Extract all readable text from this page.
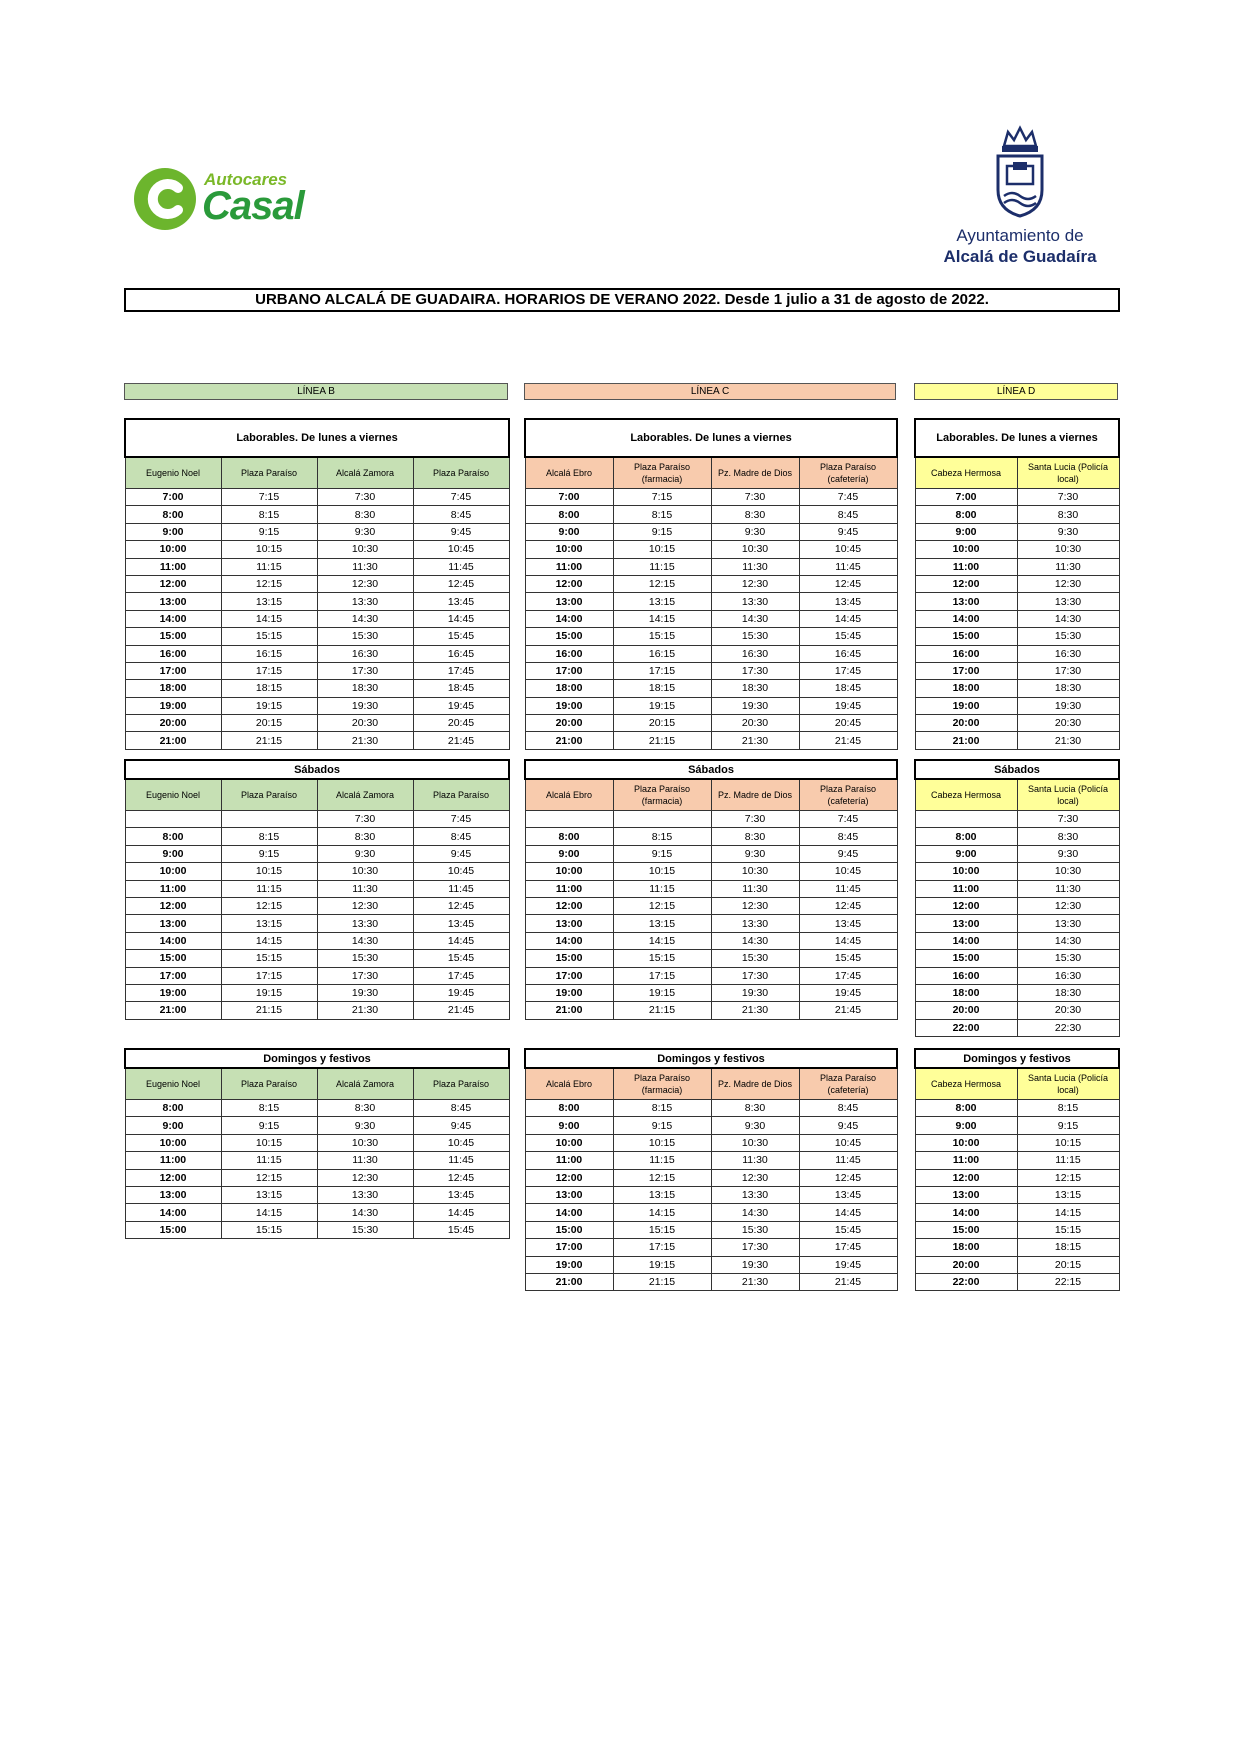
Autocares
Casal
Ayuntamiento de
Alcalá de Guadaíra
URBANO ALCALÁ DE GUADAIRA. HORARIOS DE VERANO 2022. Desde 1 julio a 31 de agosto de 2022.
LÍNEA B
Laborables. De lunes a viernes			
Eugenio Noel	Plaza Paraíso	Alcalá Zamora	Plaza Paraíso
7:00	7:15	7:30	7:45
8:00	8:15	8:30	8:45
9:00	9:15	9:30	9:45
10:00	10:15	10:30	10:45
11:00	11:15	11:30	11:45
12:00	12:15	12:30	12:45
13:00	13:15	13:30	13:45
14:00	14:15	14:30	14:45
15:00	15:15	15:30	15:45
16:00	16:15	16:30	16:45
17:00	17:15	17:30	17:45
18:00	18:15	18:30	18:45
19:00	19:15	19:30	19:45
20:00	20:15	20:30	20:45
21:00	21:15	21:30	21:45
Sábados			
Eugenio Noel	Plaza Paraíso	Alcalá Zamora	Plaza Paraíso
		7:30	7:45
8:00	8:15	8:30	8:45
9:00	9:15	9:30	9:45
10:00	10:15	10:30	10:45
11:00	11:15	11:30	11:45
12:00	12:15	12:30	12:45
13:00	13:15	13:30	13:45
14:00	14:15	14:30	14:45
15:00	15:15	15:30	15:45
17:00	17:15	17:30	17:45
19:00	19:15	19:30	19:45
21:00	21:15	21:30	21:45
Domingos y festivos			
Eugenio Noel	Plaza Paraíso	Alcalá Zamora	Plaza Paraíso
8:00	8:15	8:30	8:45
9:00	9:15	9:30	9:45
10:00	10:15	10:30	10:45
11:00	11:15	11:30	11:45
12:00	12:15	12:30	12:45
13:00	13:15	13:30	13:45
14:00	14:15	14:30	14:45
15:00	15:15	15:30	15:45
LÍNEA C
Laborables. De lunes a viernes			
Alcalá Ebro	Plaza Paraíso (farmacia)	Pz. Madre de Dios	Plaza Paraíso (cafetería)
7:00	7:15	7:30	7:45
8:00	8:15	8:30	8:45
9:00	9:15	9:30	9:45
10:00	10:15	10:30	10:45
11:00	11:15	11:30	11:45
12:00	12:15	12:30	12:45
13:00	13:15	13:30	13:45
14:00	14:15	14:30	14:45
15:00	15:15	15:30	15:45
16:00	16:15	16:30	16:45
17:00	17:15	17:30	17:45
18:00	18:15	18:30	18:45
19:00	19:15	19:30	19:45
20:00	20:15	20:30	20:45
21:00	21:15	21:30	21:45
Sábados			
Alcalá Ebro	Plaza Paraíso (farmacia)	Pz. Madre de Dios	Plaza Paraíso (cafetería)
		7:30	7:45
8:00	8:15	8:30	8:45
9:00	9:15	9:30	9:45
10:00	10:15	10:30	10:45
11:00	11:15	11:30	11:45
12:00	12:15	12:30	12:45
13:00	13:15	13:30	13:45
14:00	14:15	14:30	14:45
15:00	15:15	15:30	15:45
17:00	17:15	17:30	17:45
19:00	19:15	19:30	19:45
21:00	21:15	21:30	21:45
Domingos y festivos			
Alcalá Ebro	Plaza Paraíso (farmacia)	Pz. Madre de Dios	Plaza Paraíso (cafetería)
8:00	8:15	8:30	8:45
9:00	9:15	9:30	9:45
10:00	10:15	10:30	10:45
11:00	11:15	11:30	11:45
12:00	12:15	12:30	12:45
13:00	13:15	13:30	13:45
14:00	14:15	14:30	14:45
15:00	15:15	15:30	15:45
17:00	17:15	17:30	17:45
19:00	19:15	19:30	19:45
21:00	21:15	21:30	21:45
LÍNEA D
Laborables. De lunes a viernes	
Cabeza Hermosa	Santa Lucia (Policía local)
7:00	7:30
8:00	8:30
9:00	9:30
10:00	10:30
11:00	11:30
12:00	12:30
13:00	13:30
14:00	14:30
15:00	15:30
16:00	16:30
17:00	17:30
18:00	18:30
19:00	19:30
20:00	20:30
21:00	21:30
Sábados	
Cabeza Hermosa	Santa Lucia (Policía local)
	7:30
8:00	8:30
9:00	9:30
10:00	10:30
11:00	11:30
12:00	12:30
13:00	13:30
14:00	14:30
15:00	15:30
16:00	16:30
18:00	18:30
20:00	20:30
22:00	22:30
Domingos y festivos	
Cabeza Hermosa	Santa Lucia (Policía local)
8:00	8:15
9:00	9:15
10:00	10:15
11:00	11:15
12:00	12:15
13:00	13:15
14:00	14:15
15:00	15:15
18:00	18:15
20:00	20:15
22:00	22:15
